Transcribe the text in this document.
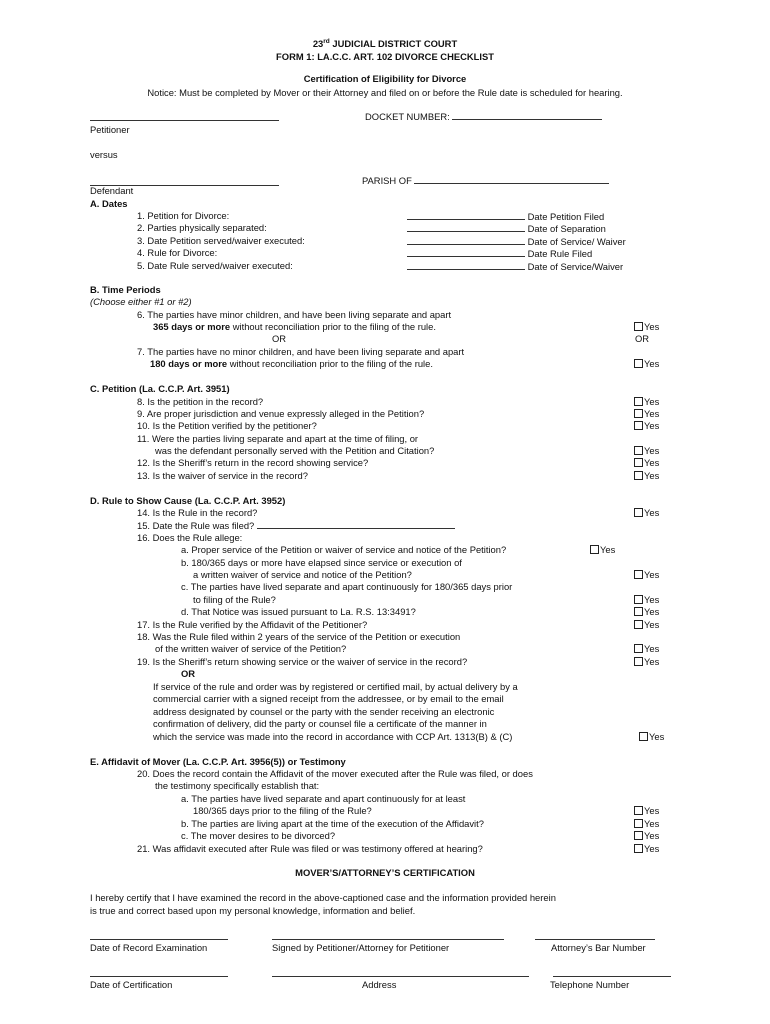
23rd JUDICIAL DISTRICT COURT
FORM 1: LA.C.C. ART. 102 DIVORCE CHECKLIST
Certification of Eligibility for Divorce
Notice: Must be completed by Mover or their Attorney and filed on or before the Rule date is scheduled for hearing.
Petitioner
DOCKET NUMBER:
versus
PARISH OF
Defendant
A. Dates
1. Petition for Divorce:	Date Petition Filed
2. Parties physically separated:	Date of Separation
3. Date Petition served/waiver executed:	Date of Service/ Waiver
4. Rule for Divorce:	Date Rule Filed
5. Date Rule served/waiver executed:	Date of Service/Waiver
B. Time Periods
(Choose either #1 or #2)
6. The parties have minor children, and have been living separate and apart
365 days or more without reconciliation prior to the filing of the rule.	Yes
OR	OR
7. The parties have no minor children, and have been living separate and apart
180 days or more without reconciliation prior to the filing of the rule.	Yes
C. Petition (La. C.C.P. Art. 3951)
8. Is the petition in the record?	Yes
9. Are proper jurisdiction and venue expressly alleged in the Petition?	Yes
10. Is the Petition verified by the petitioner?	Yes
11. Were the parties living separate and apart at the time of filing, or
was the defendant personally served with the Petition and Citation?	Yes
12. Is the Sheriff’s return in the record showing service?	Yes
13. Is the waiver of service in the record?	Yes
D. Rule to Show Cause (La. C.C.P. Art. 3952)
14. Is the Rule in the record?	Yes
15. Date the Rule was filed?
16. Does the Rule allege:
a. Proper service of the Petition or waiver of service and notice of the Petition?	Yes
b. 180/365 days or more have elapsed since service or execution of
a written waiver of service and notice of the Petition?	Yes
c. The parties have lived separate and apart continuously for 180/365 days prior
to filing of the Rule?	Yes
d. That Notice was issued pursuant to La. R.S. 13:3491?	Yes
17. Is the Rule verified by the Affidavit of the Petitioner?	Yes
18. Was the Rule filed within 2 years of the service of the Petition or execution
of the written waiver of service of the Petition?	Yes
19. Is the Sheriff’s return showing service or the waiver of service in the record?	Yes
OR
If service of the rule and order was by registered or certified mail, by actual delivery by a
commercial carrier with a signed receipt from the addressee, or by email to the email
address designated by counsel or the party with the sender receiving an electronic
confirmation of delivery, did the party or counsel file a certificate of the manner in
which the service was made into the record in accordance with CCP Art. 1313(B) & (C)	Yes
E. Affidavit of Mover (La. C.C.P. Art. 3956(5)) or Testimony
20. Does the record contain the Affidavit of the mover executed after the Rule was filed, or does
the testimony specifically establish that:
a. The parties have lived separate and apart continuously for at least
180/365 days prior to the filing of the Rule?	Yes
b. The parties are living apart at the time of the execution of the Affidavit?	Yes
c. The mover desires to be divorced?	Yes
21. Was affidavit executed after Rule was filed or was testimony offered at hearing?	Yes
MOVER’S/ATTORNEY’S CERTIFICATION
I hereby certify that I have examined the record in the above-captioned case and the information provided herein
is true and correct based upon my personal knowledge, information and belief.
Date of Record Examination	Signed by Petitioner/Attorney for Petitioner	Attorney’s Bar Number
Date of Certification	Address	Telephone Number
